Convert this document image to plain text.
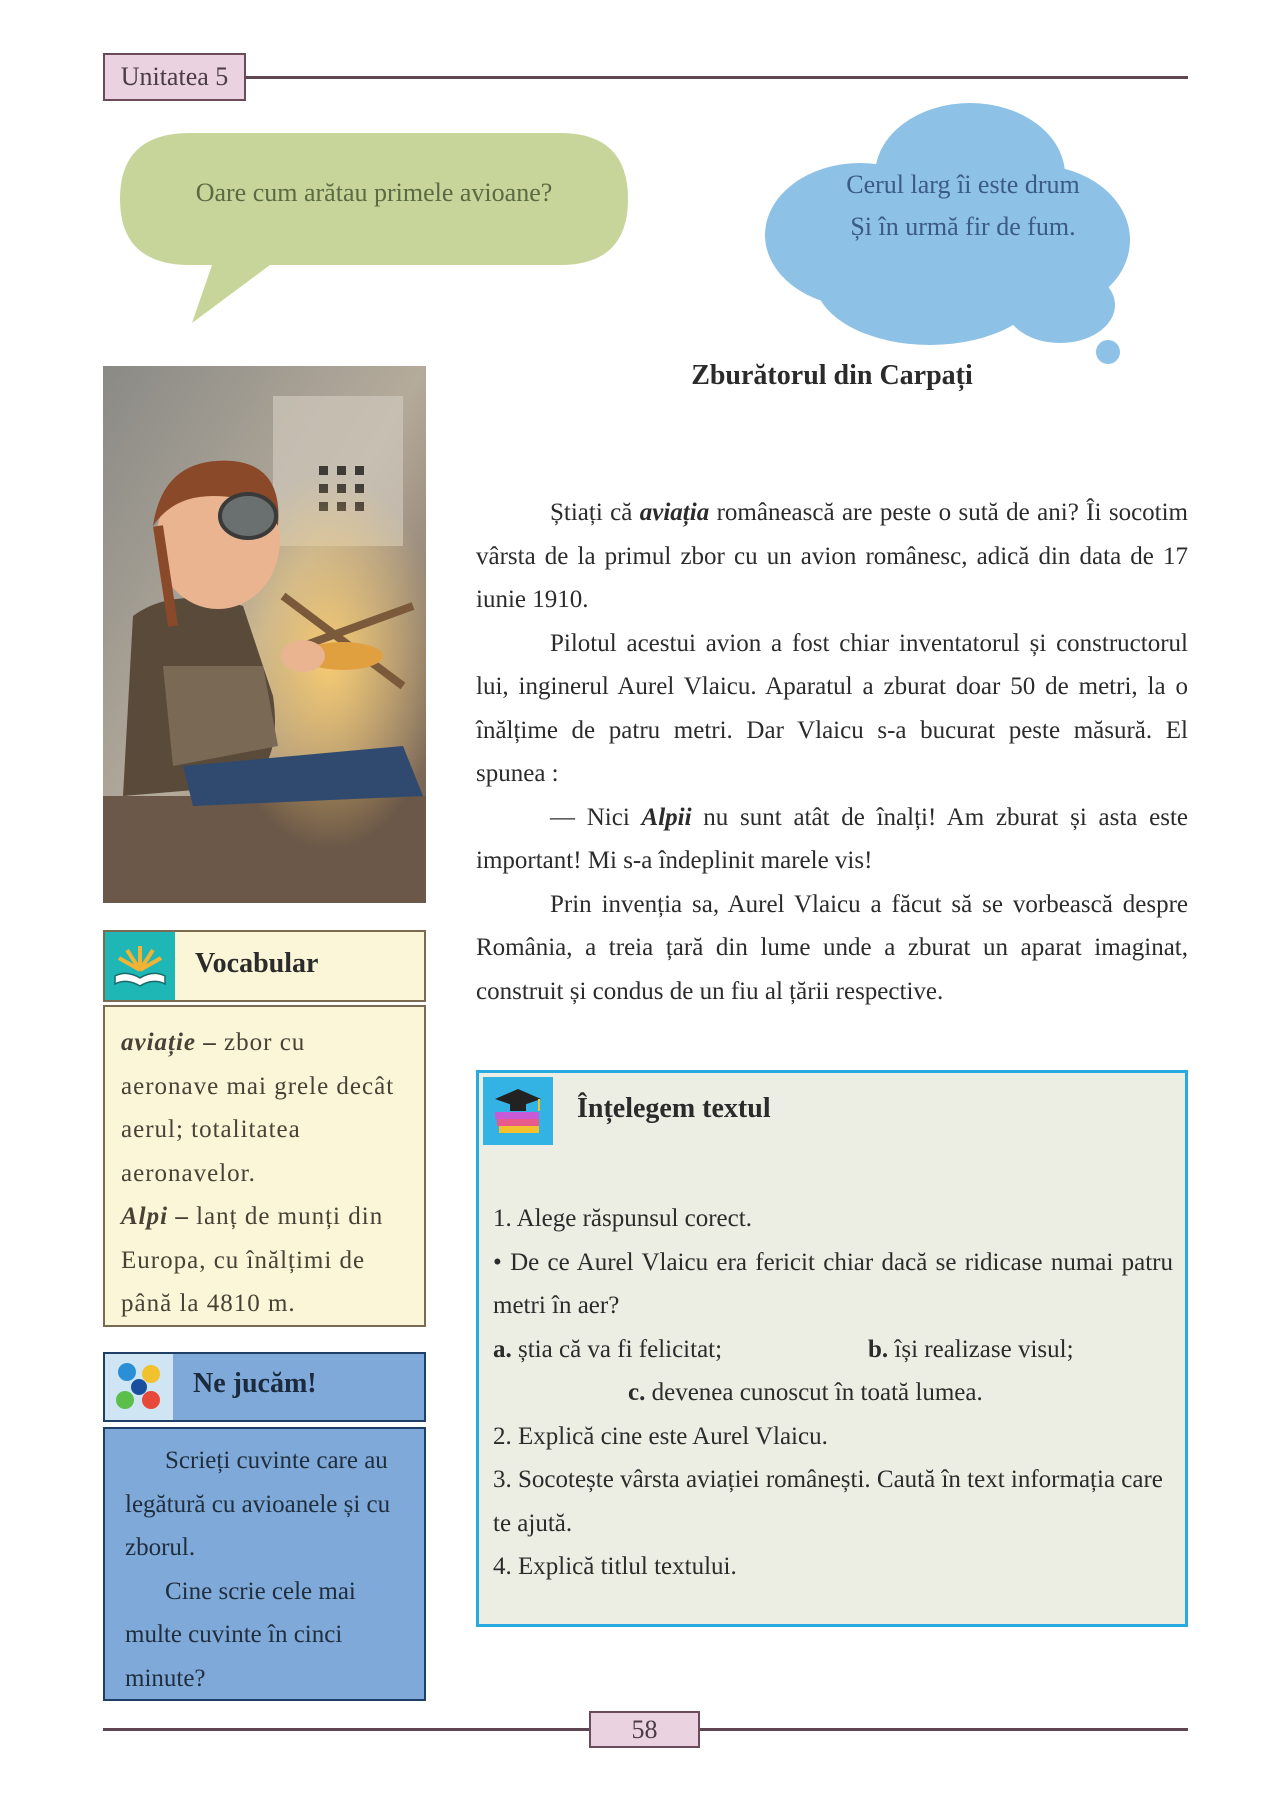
Unitatea 5
Oare cum arătau primele avioane?	Cerul larg îi este drum
Și în urmă fir de fum.
Vocabular
aviație – zbor cu aeronave mai grele decât aerul; totalitatea aeronavelor.
Alpi – lanț de munți din Europa, cu înălțimi de până la 4810 m.
Ne jucăm!

Scrieți cuvinte care au legătură cu avioanele și cu zborul.

Cine scrie cele mai multe cuvinte în cinci minute?

Zburătorul din Carpați

Știați că aviația românească are peste o sută de ani? Îi socotim vârsta de la primul zbor cu un avion românesc, adică din data de 17 iunie 1910.

Pilotul acestui avion a fost chiar inventatorul și constructorul lui, inginerul Aurel Vlaicu. Aparatul a zburat doar 50 de metri, la o înălțime de patru metri. Dar Vlaicu s-a bucurat peste măsură. El spunea :

— Nici Alpii nu sunt atât de înalți! Am zburat și asta este important! Mi s-a îndeplinit marele vis!

Prin invenția sa, Aurel Vlaicu a făcut să se vorbească despre România, a treia țară din lume unde a zburat un aparat imaginat, construit și condus de un fiu al țării respective.

Înțelegem textul
1. Alege răspunsul corect.
• De ce Aurel Vlaicu era fericit chiar dacă se ridicase numai patru metri în aer?
a. știa că va fi felicitat;	b. își realizase visul;
c. devenea cunoscut în toată lumea.
2. Explică cine este Aurel Vlaicu.
3. Socotește vârsta aviației românești. Caută în text informația care te ajută.
4. Explică titlul textului.
58
